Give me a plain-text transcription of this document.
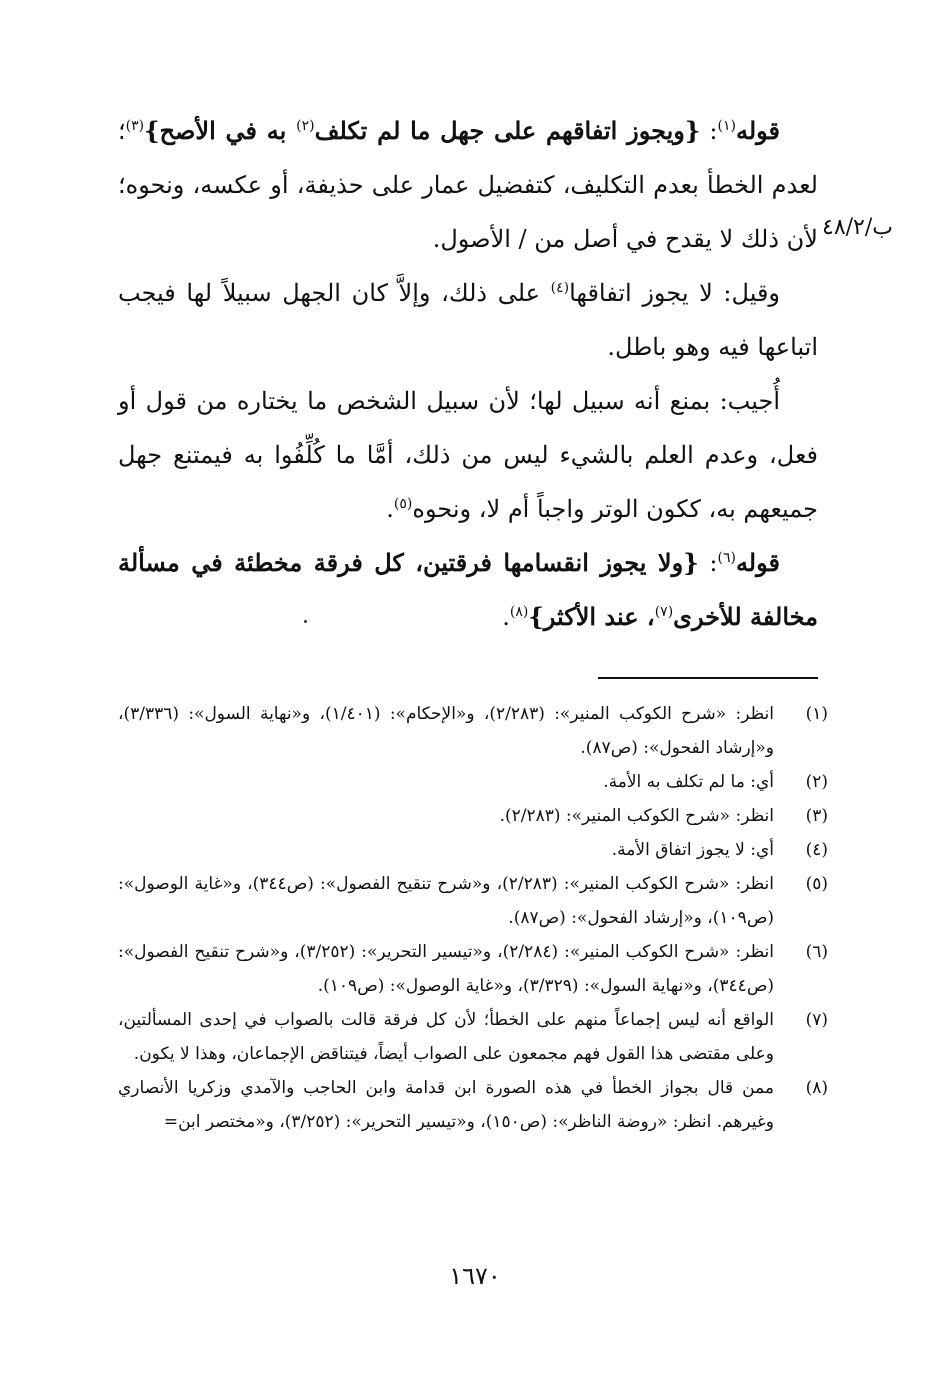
ب/٤٨/٢

قوله$^{(١)}$: {ويجوز اتفاقهم على جهل ما لم تكلف$^{(٢)}$ به في الأصح}$^{(٣)}$؛ لعدم الخطأ بعدم التكليف، كتفضيل عمار على حذيفة، أو عكسه، ونحوه؛ لأن ذلك لا يقدح في أصل من / الأصول.

وقيل: لا يجوز اتفاقها$^{(٤)}$ على ذلك، وإلاَّ كان الجهل سبيلاً لها فيجب اتباعها فيه وهو باطل.

أُجيب: بمنع أنه سبيل لها؛ لأن سبيل الشخص ما يختاره من قول أو فعل، وعدم العلم بالشيء ليس من ذلك، أمَّا ما كُلِّفُوا به فيمتنع جهل جميعهم به، ككون الوتر واجباً أم لا، ونحوه$^{(٥)}$.

قوله$^{(٦)}$: {ولا يجوز انقسامها فرقتين، كل فرقة مخطئة في مسألة مخالفة للأخرى$^{(٧)}$، عند الأكثر}$^{(٨)}$.

(١)
انظر: «شرح الكوكب المنير»: (٢/٢٨٣)، و«الإحكام»: (١/٤٠١)، و«نهاية السول»: (٣/٣٣٦)، و«إرشاد الفحول»: (ص٨٧).
(٢)
أي: ما لم تكلف به الأمة.
(٣)
انظر: «شرح الكوكب المنير»: (٢/٢٨٣).
(٤)
أي: لا يجوز اتفاق الأمة.
(٥)
انظر: «شرح الكوكب المنير»: (٢/٢٨٣)، و«شرح تنقيح الفصول»: (ص٣٤٤)، و«غاية الوصول»: (ص١٠٩)، و«إرشاد الفحول»: (ص٨٧).
(٦)
انظر: «شرح الكوكب المنير»: (٢/٢٨٤)، و«تيسير التحرير»: (٣/٢٥٢)، و«شرح تنقيح الفصول»: (ص٣٤٤)، و«نهاية السول»: (٣/٣٢٩)، و«غاية الوصول»: (ص١٠٩).
(٧)
الواقع أنه ليس إجماعاً منهم على الخطأ؛ لأن كل فرقة قالت بالصواب في إحدى المسألتين، وعلى مقتضى هذا القول فهم مجمعون على الصواب أيضاً، فيتناقض الإجماعان، وهذا لا يكون.
(٨)
ممن قال بجواز الخطأ في هذه الصورة ابن قدامة وابن الحاجب والآمدي وزكريا الأنصاري وغيرهم. انظر: «روضة الناظر»: (ص١٥٠)، و«تيسير التحرير»: (٣/٢٥٢)، و«مختصر ابن=
١٦٧٠
